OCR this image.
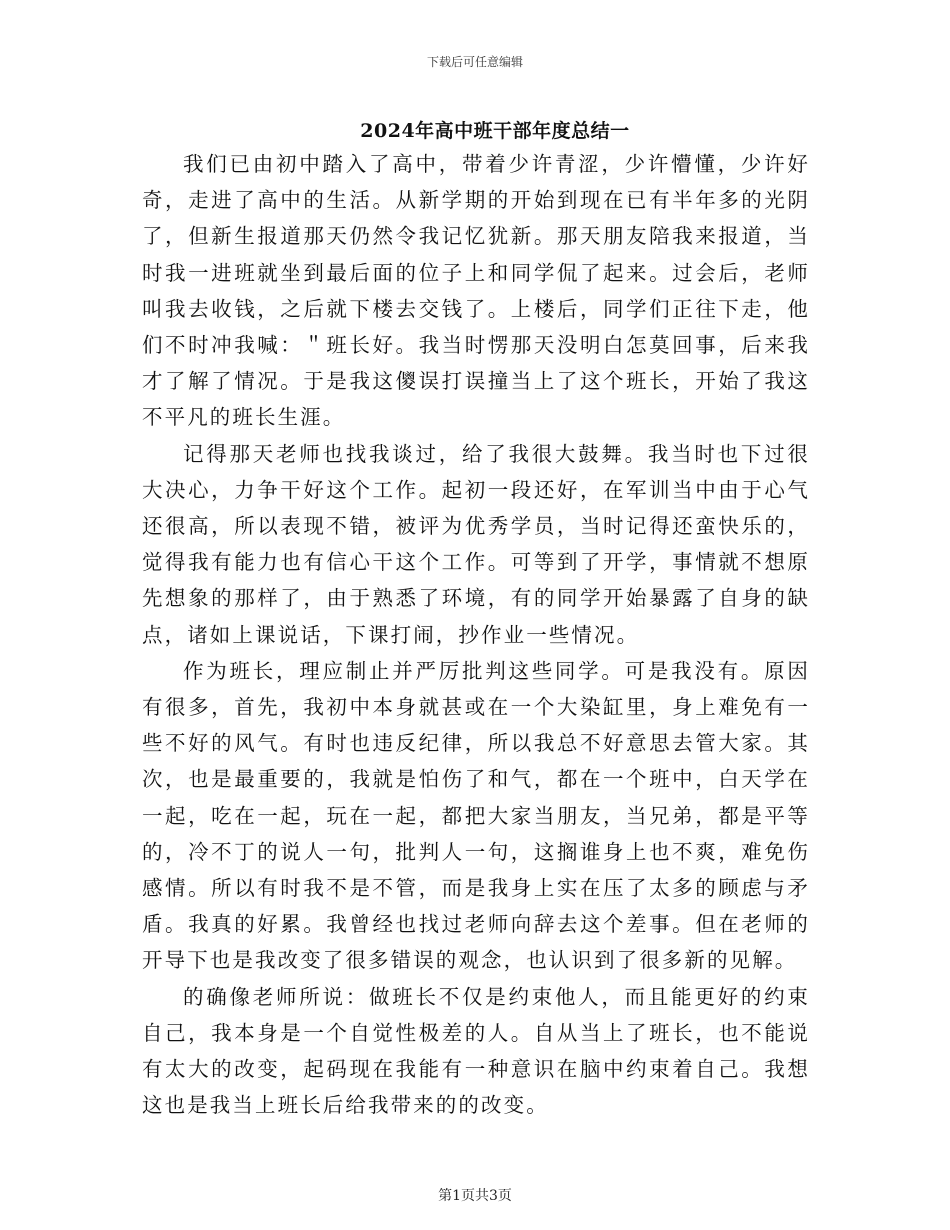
下载后可任意编辑
2024年高中班干部年度总结一

我们已由初中踏入了高中，带着少许青涩，少许懵懂，少许好奇，走进了高中的生活。从新学期的开始到现在已有半年多的光阴了，但新生报道那天仍然令我记忆犹新。那天朋友陪我来报道，当时我一进班就坐到最后面的位子上和同学侃了起来。过会后，老师叫我去收钱，之后就下楼去交钱了。上楼后，同学们正往下走，他们不时冲我喊：＂班长好。我当时愣那天没明白怎莫回事，后来我才了解了情况。于是我这儍误打误撞当上了这个班长，开始了我这不平凡的班长生涯。

记得那天老师也找我谈过，给了我很大鼓舞。我当时也下过很大决心，力争干好这个工作。起初一段还好，在军训当中由于心气还很高，所以表现不错，被评为优秀学员，当时记得还蛮快乐的，觉得我有能力也有信心干这个工作。可等到了开学，事情就不想原先想象的那样了，由于熟悉了环境，有的同学开始暴露了自身的缺点，诸如上课说话，下课打闹，抄作业一些情况。

作为班长，理应制止并严厉批判这些同学。可是我没有。原因有很多，首先，我初中本身就甚或在一个大染缸里，身上难免有一些不好的风气。有时也违反纪律，所以我总不好意思去管大家。其次，也是最重要的，我就是怕伤了和气，都在一个班中，白天学在一起，吃在一起，玩在一起，都把大家当朋友，当兄弟，都是平等的，冷不丁的说人一句，批判人一句，这搁谁身上也不爽，难免伤感情。所以有时我不是不管，而是我身上实在压了太多的顾虑与矛盾。我真的好累。我曾经也找过老师向辞去这个差事。但在老师的开导下也是我改变了很多错误的观念，也认识到了很多新的见解。

的确像老师所说：做班长不仅是约束他人，而且能更好的约束自己，我本身是一个自觉性极差的人。自从当上了班长，也不能说有太大的改变，起码现在我能有一种意识在脑中约束着自己。我想这也是我当上班长后给我带来的的改变。

第1页共3页
